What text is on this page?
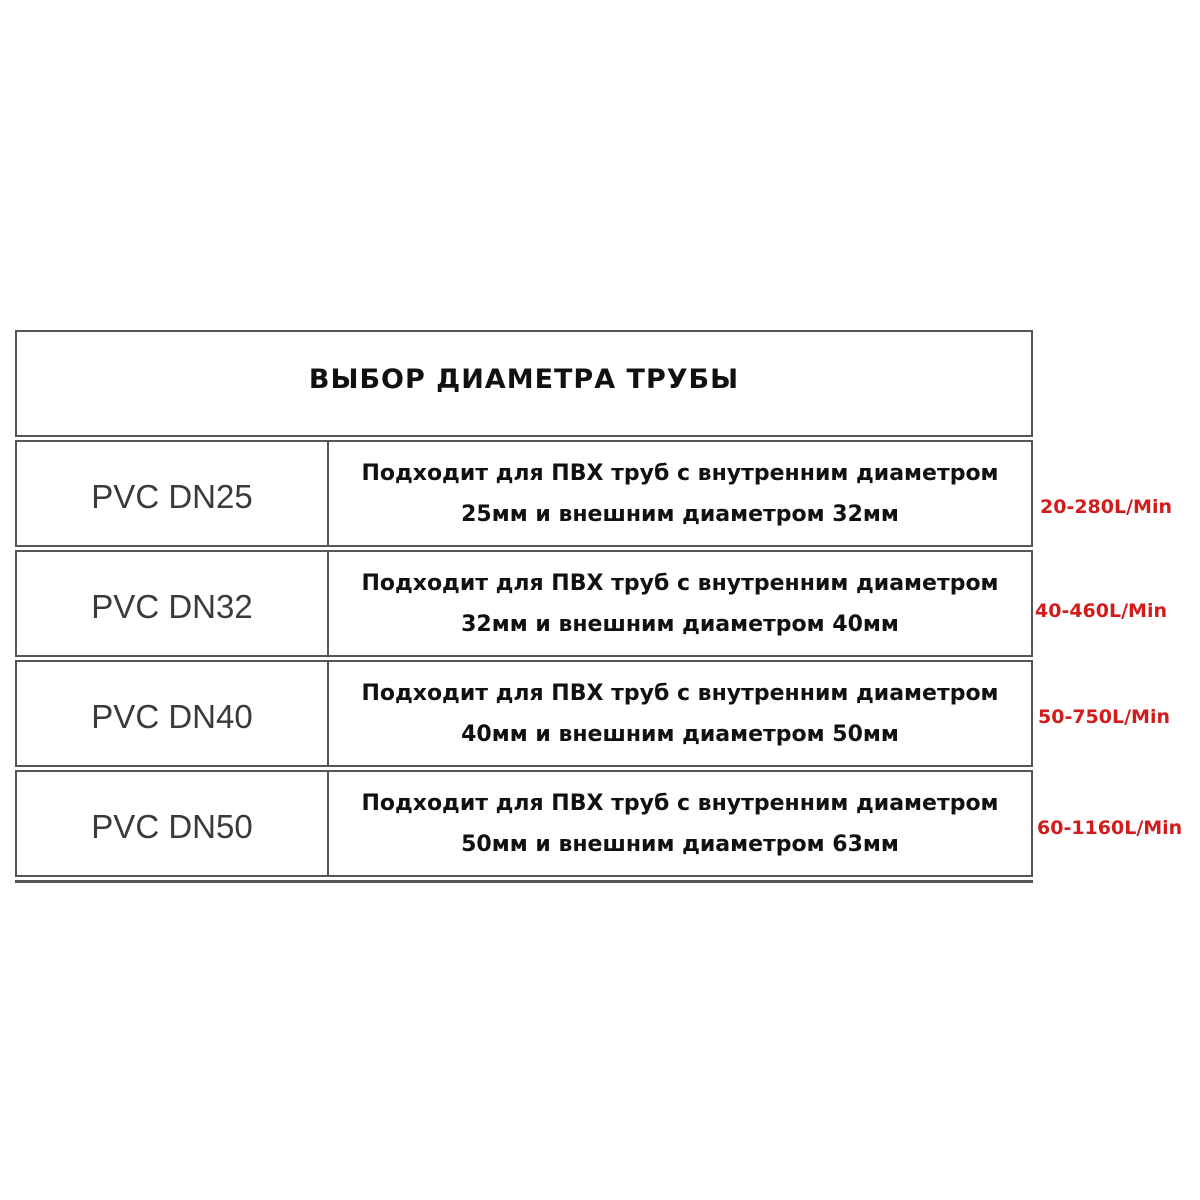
ВЫБОР ДИАМЕТРА ТРУБЫ
PVC DN25
Подходит для ПВХ труб с внутренним диаметром
25мм и внешним диаметром 32мм
PVC DN32
Подходит для ПВХ труб с внутренним диаметром
32мм и внешним диаметром 40мм
PVC DN40
Подходит для ПВХ труб с внутренним диаметром
40мм и внешним диаметром 50мм
PVC DN50
Подходит для ПВХ труб с внутренним диаметром
50мм и внешним диаметром 63мм
20-280L/Min
40-460L/Min
50-750L/Min
60-1160L/Min
